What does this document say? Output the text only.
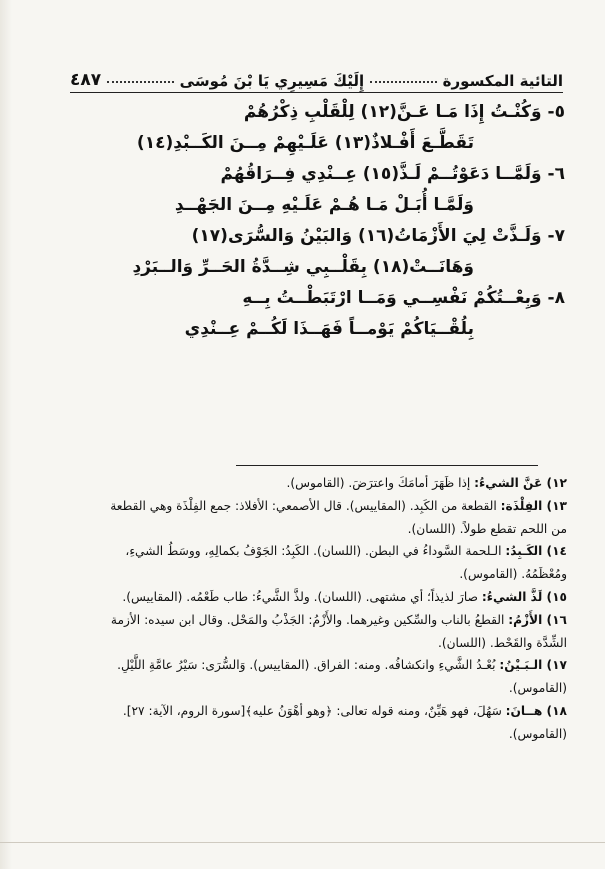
التائية المكسورة
إِلَيْكَ مَسِيرِي يَا بْنَ مُوسَى
٤٨٧
٥- وَكُنْـتُ إِذَا مَـا عَـنَّ(١٢) لِلْقَلْبِ ذِكْرُهُمْ
تَقَطَّـعَ أَفْـلاذٌ(١٣) عَلَـيْهِمْ مِــنَ الكَــبْدِ(١٤)
٦- وَلَمَّــا دَعَوْتُــمْ لَـذَّ(١٥) عِــنْدِي فِــرَاقُهُمْ
وَلَمَّـا أُبَـلْ مَـا هُـمْ عَلَـيْهِ مِــنَ الجَهْــدِ
٧- وَلَـذَّتْ لِيَ الأَزْمَاتُ(١٦) وَالبَيْنُ وَالسُّرَى(١٧)
وَهَانَــتْ(١٨) بِقَلْــبِي شِــدَّةُ الحَــرِّ وَالــبَرْدِ
٨- وَبِعْــتُكُمْ نَفْسِــي وَمَــا ارْتَبَطْــتُ بِــهِ
بِلُقْــيَاكُمْ يَوْمــاً فَهَــذَا لَكُــمْ عِــنْدِي
١٢) عَنَّ الشيءُ: إذا ظَهَرَ أمامَكَ واعترَضَ. (القاموس).
١٣) الفِلْذَة: القطعة من الكَبِد. (المقاييس). قال الأصمعي: الأفلاذ: جمع الفِلْذَة وهي القطعة
من اللحم تقطع طولاً. (اللسان).
١٤) الكَـبِدُ: الـلحمة السَّوداءُ في البطن. (اللسان). الكَبِدُ: الجَوْفُ بكمالِهِ، ووسَطُ الشيءِ،
ومُعْظَمُهُ. (القاموس).
١٥) لَذَّ الشيءُ: صارَ لذيذاً؛ أي مشتهى. (اللسان). ولذَّ الشَّيءُ: طاب طَعْمُه. (المقاييس).
١٦) الأَزْمُ: القطعُ بالناب والسِّكين وغيرهما. والأَزْمُ: الجَذْبُ والمَحْل. وقال ابن سيده: الأزمة
الشِّدَّة والقَحْط. (اللسان).
١٧) الـبَـيْنُ: بُعْـدُ الشَّيءِ وانكشافُه. ومنه: الفراق. (المقاييس). وَالسُّرَى: سَيْرُ عامَّةِ اللَّيْلِ.
(القاموس).
١٨) هــانَ: سَهُلَ، فهو هَيِّنٌ، ومنه قوله تعالى: ﴿وهو أهْوَنُ عليه﴾[سورة الروم، الآية: ٢٧].
(القاموس).
